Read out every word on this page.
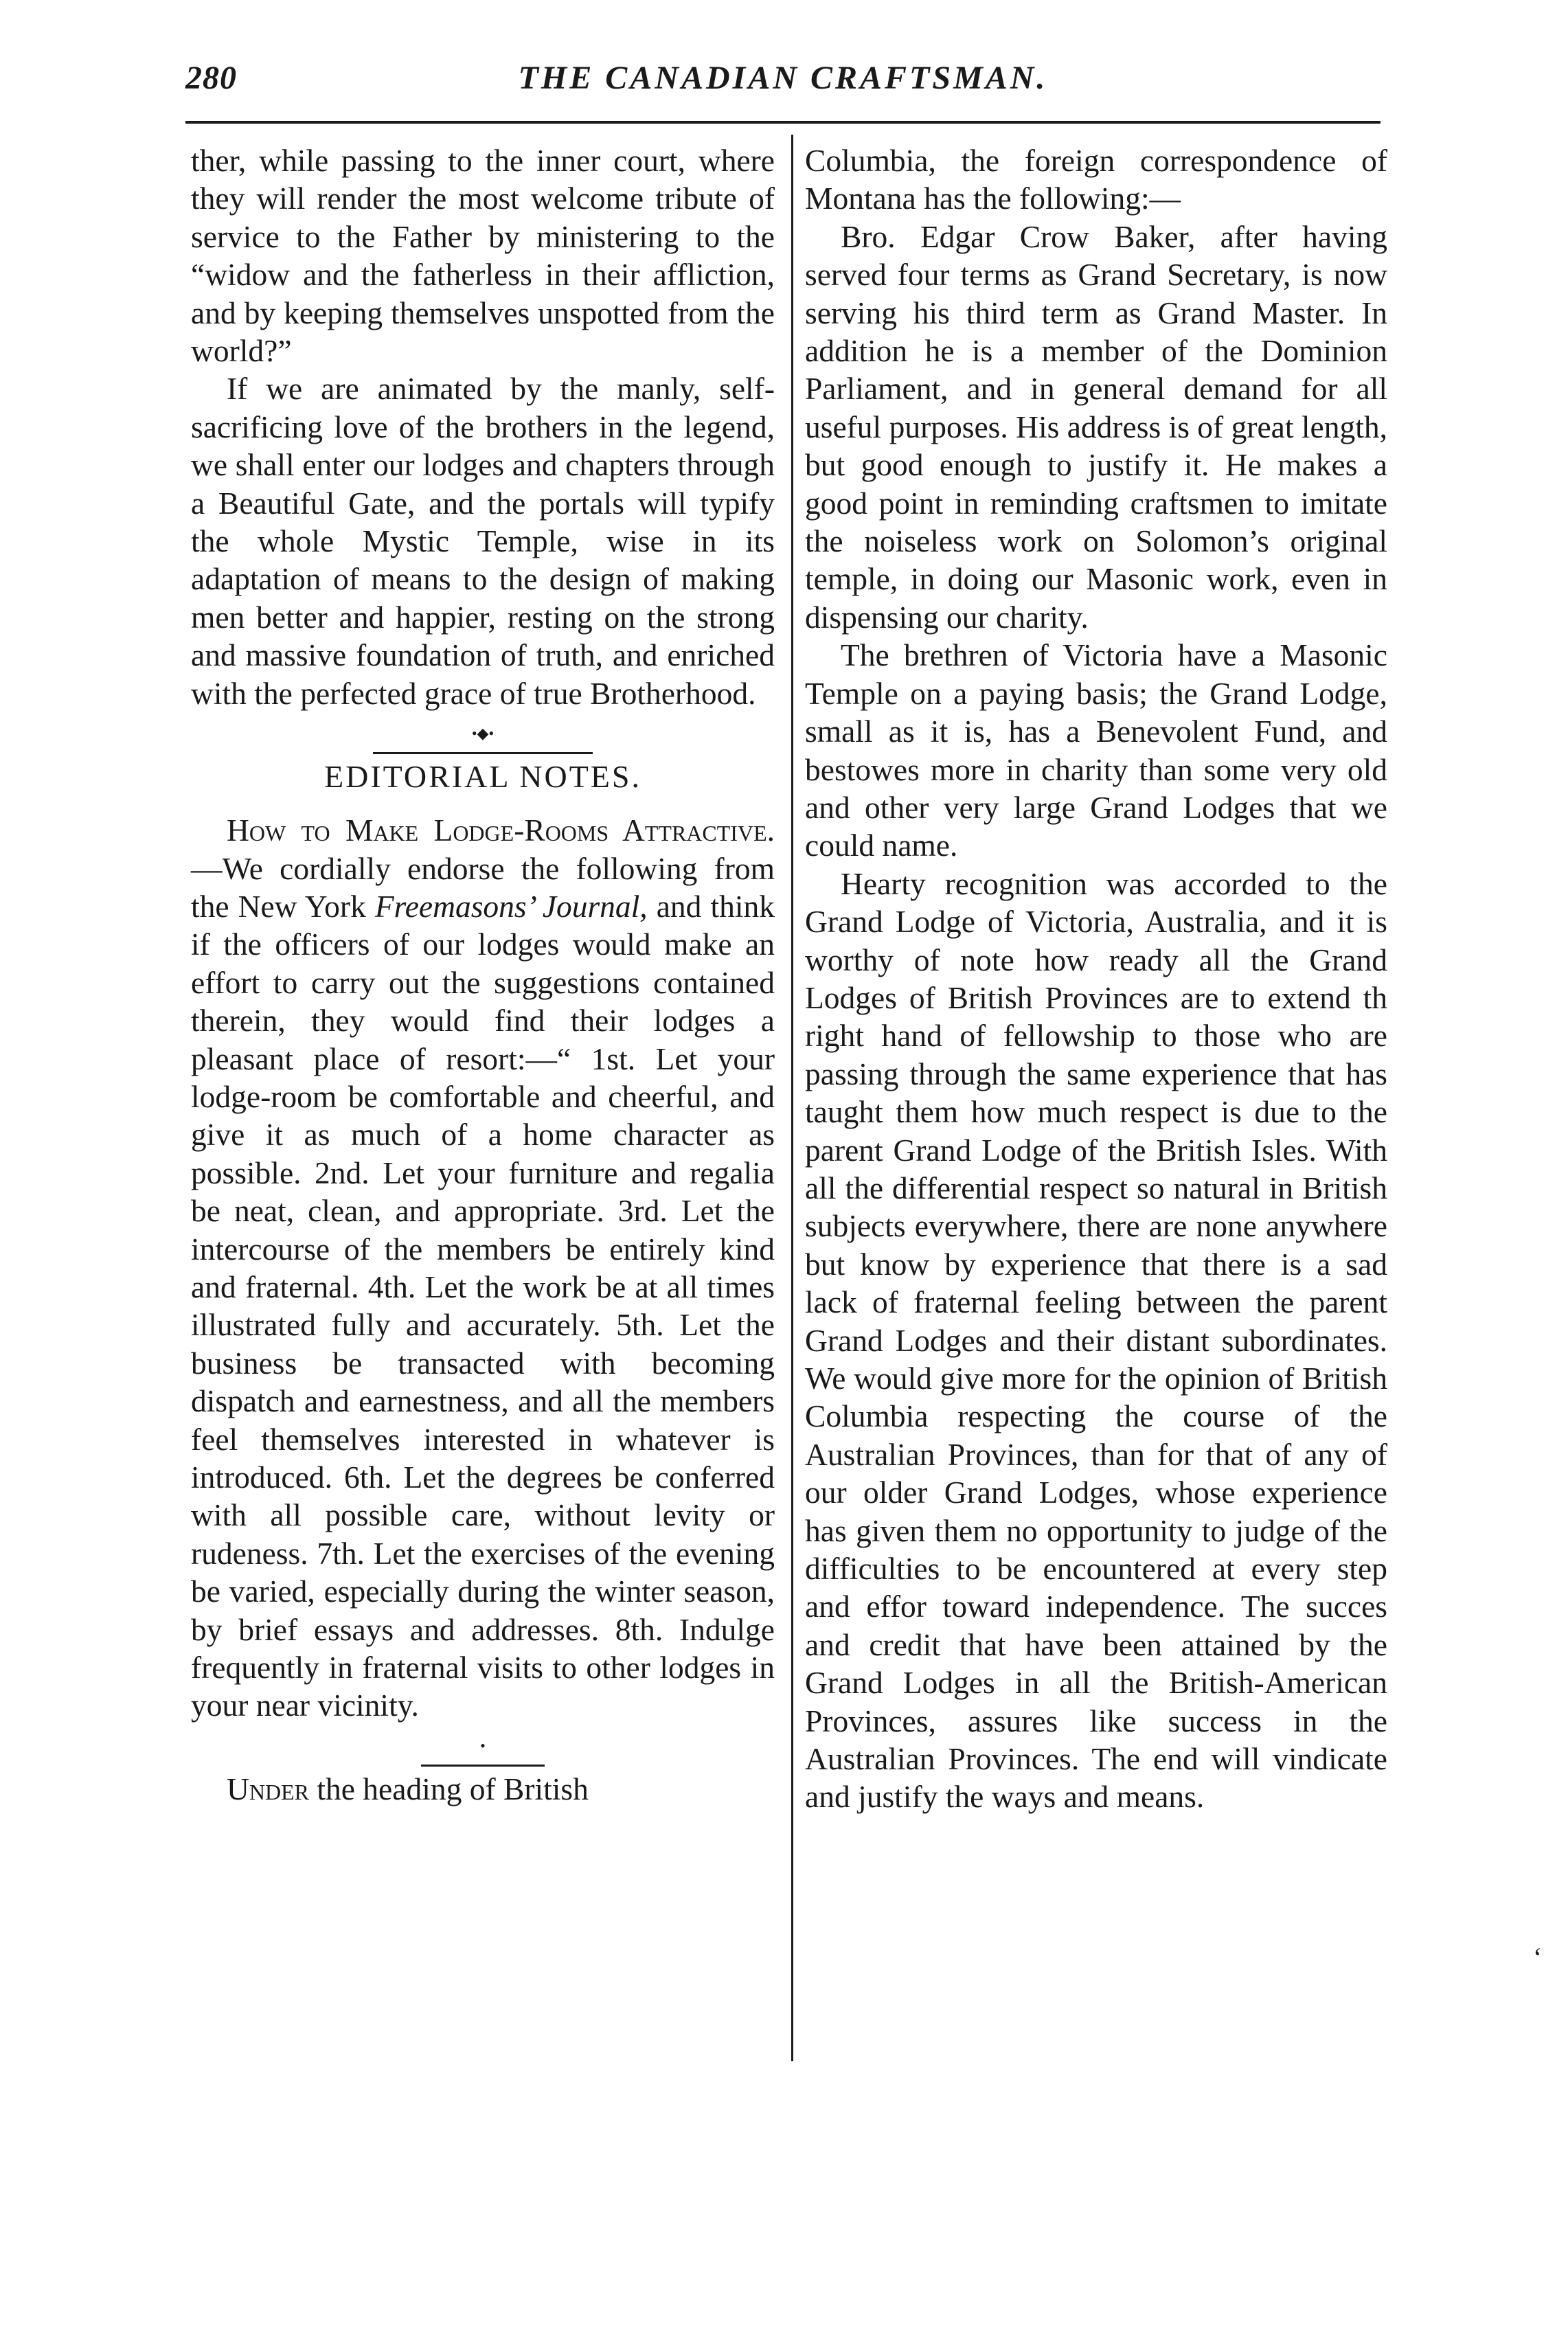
280	THE CANADIAN CRAFTSMAN.

ther, while passing to the inner court, where they will render the most welcome tribute of service to the Father by ministering to the “widow and the fatherless in their affliction, and by keeping themselves unspotted from the world?”

If we are animated by the manly, self-sacrificing love of the brothers in the legend, we shall enter our lodges and chapters through a Beautiful Gate, and the portals will typify the whole Mystic Temple, wise in its adaptation of means to the design of making men better and happier, resting on the strong and massive foundation of truth, and enriched with the perfected grace of true Brotherhood.

•◆•
EDITORIAL NOTES.

How to Make Lodge-Rooms Attractive.—We cordially endorse the following from the New York Freemasons’ Journal, and think if the officers of our lodges would make an effort to carry out the suggestions contained therein, they would find their lodges a pleasant place of resort:—“ 1st. Let your lodge-room be comfortable and cheerful, and give it as much of a home character as possible. 2nd. Let your furniture and regalia be neat, clean, and appropriate. 3rd. Let the intercourse of the members be entirely kind and fraternal. 4th. Let the work be at all times illustrated fully and accurately. 5th. Let the business be transacted with becoming dispatch and earnestness, and all the members feel themselves interested in whatever is introduced. 6th. Let the degrees be conferred with all possible care, without levity or rudeness. 7th. Let the exercises of the evening be varied, especially during the winter season, by brief essays and addresses. 8th. Indulge frequently in fraternal visits to other lodges in your near vicinity.

•

Under the heading of British

Columbia, the foreign correspondence of Montana has the following:—

Bro. Edgar Crow Baker, after having served four terms as Grand Secretary, is now serving his third term as Grand Master. In addition he is a member of the Dominion Parliament, and in general demand for all useful purposes. His address is of great length, but good enough to justify it. He makes a good point in reminding craftsmen to imitate the noiseless work on Solomon’s original temple, in doing our Masonic work, even in dispensing our charity.

The brethren of Victoria have a Masonic Temple on a paying basis; the Grand Lodge, small as it is, has a Benevolent Fund, and bestowes more in charity than some very old and other very large Grand Lodges that we could name.

Hearty recognition was accorded to the Grand Lodge of Victoria, Australia, and it is worthy of note how ready all the Grand Lodges of British Provinces are to extend th right hand of fellowship to those who are passing through the same experience that has taught them how much respect is due to the parent Grand Lodge of the British Isles. With all the differential respect so natural in British subjects everywhere, there are none anywhere but know by experience that there is a sad lack of fraternal feeling between the parent Grand Lodges and their distant subordinates. We would give more for the opinion of British Columbia respecting the course of the Australian Provinces, than for that of any of our older Grand Lodges, whose experience has given them no opportunity to judge of the difficulties to be encountered at every step and effor toward independence. The succes and credit that have been attained by the Grand Lodges in all the British-American Provinces, assures like success in the Australian Provinces. The end will vindicate and justify the ways and means.

‘
